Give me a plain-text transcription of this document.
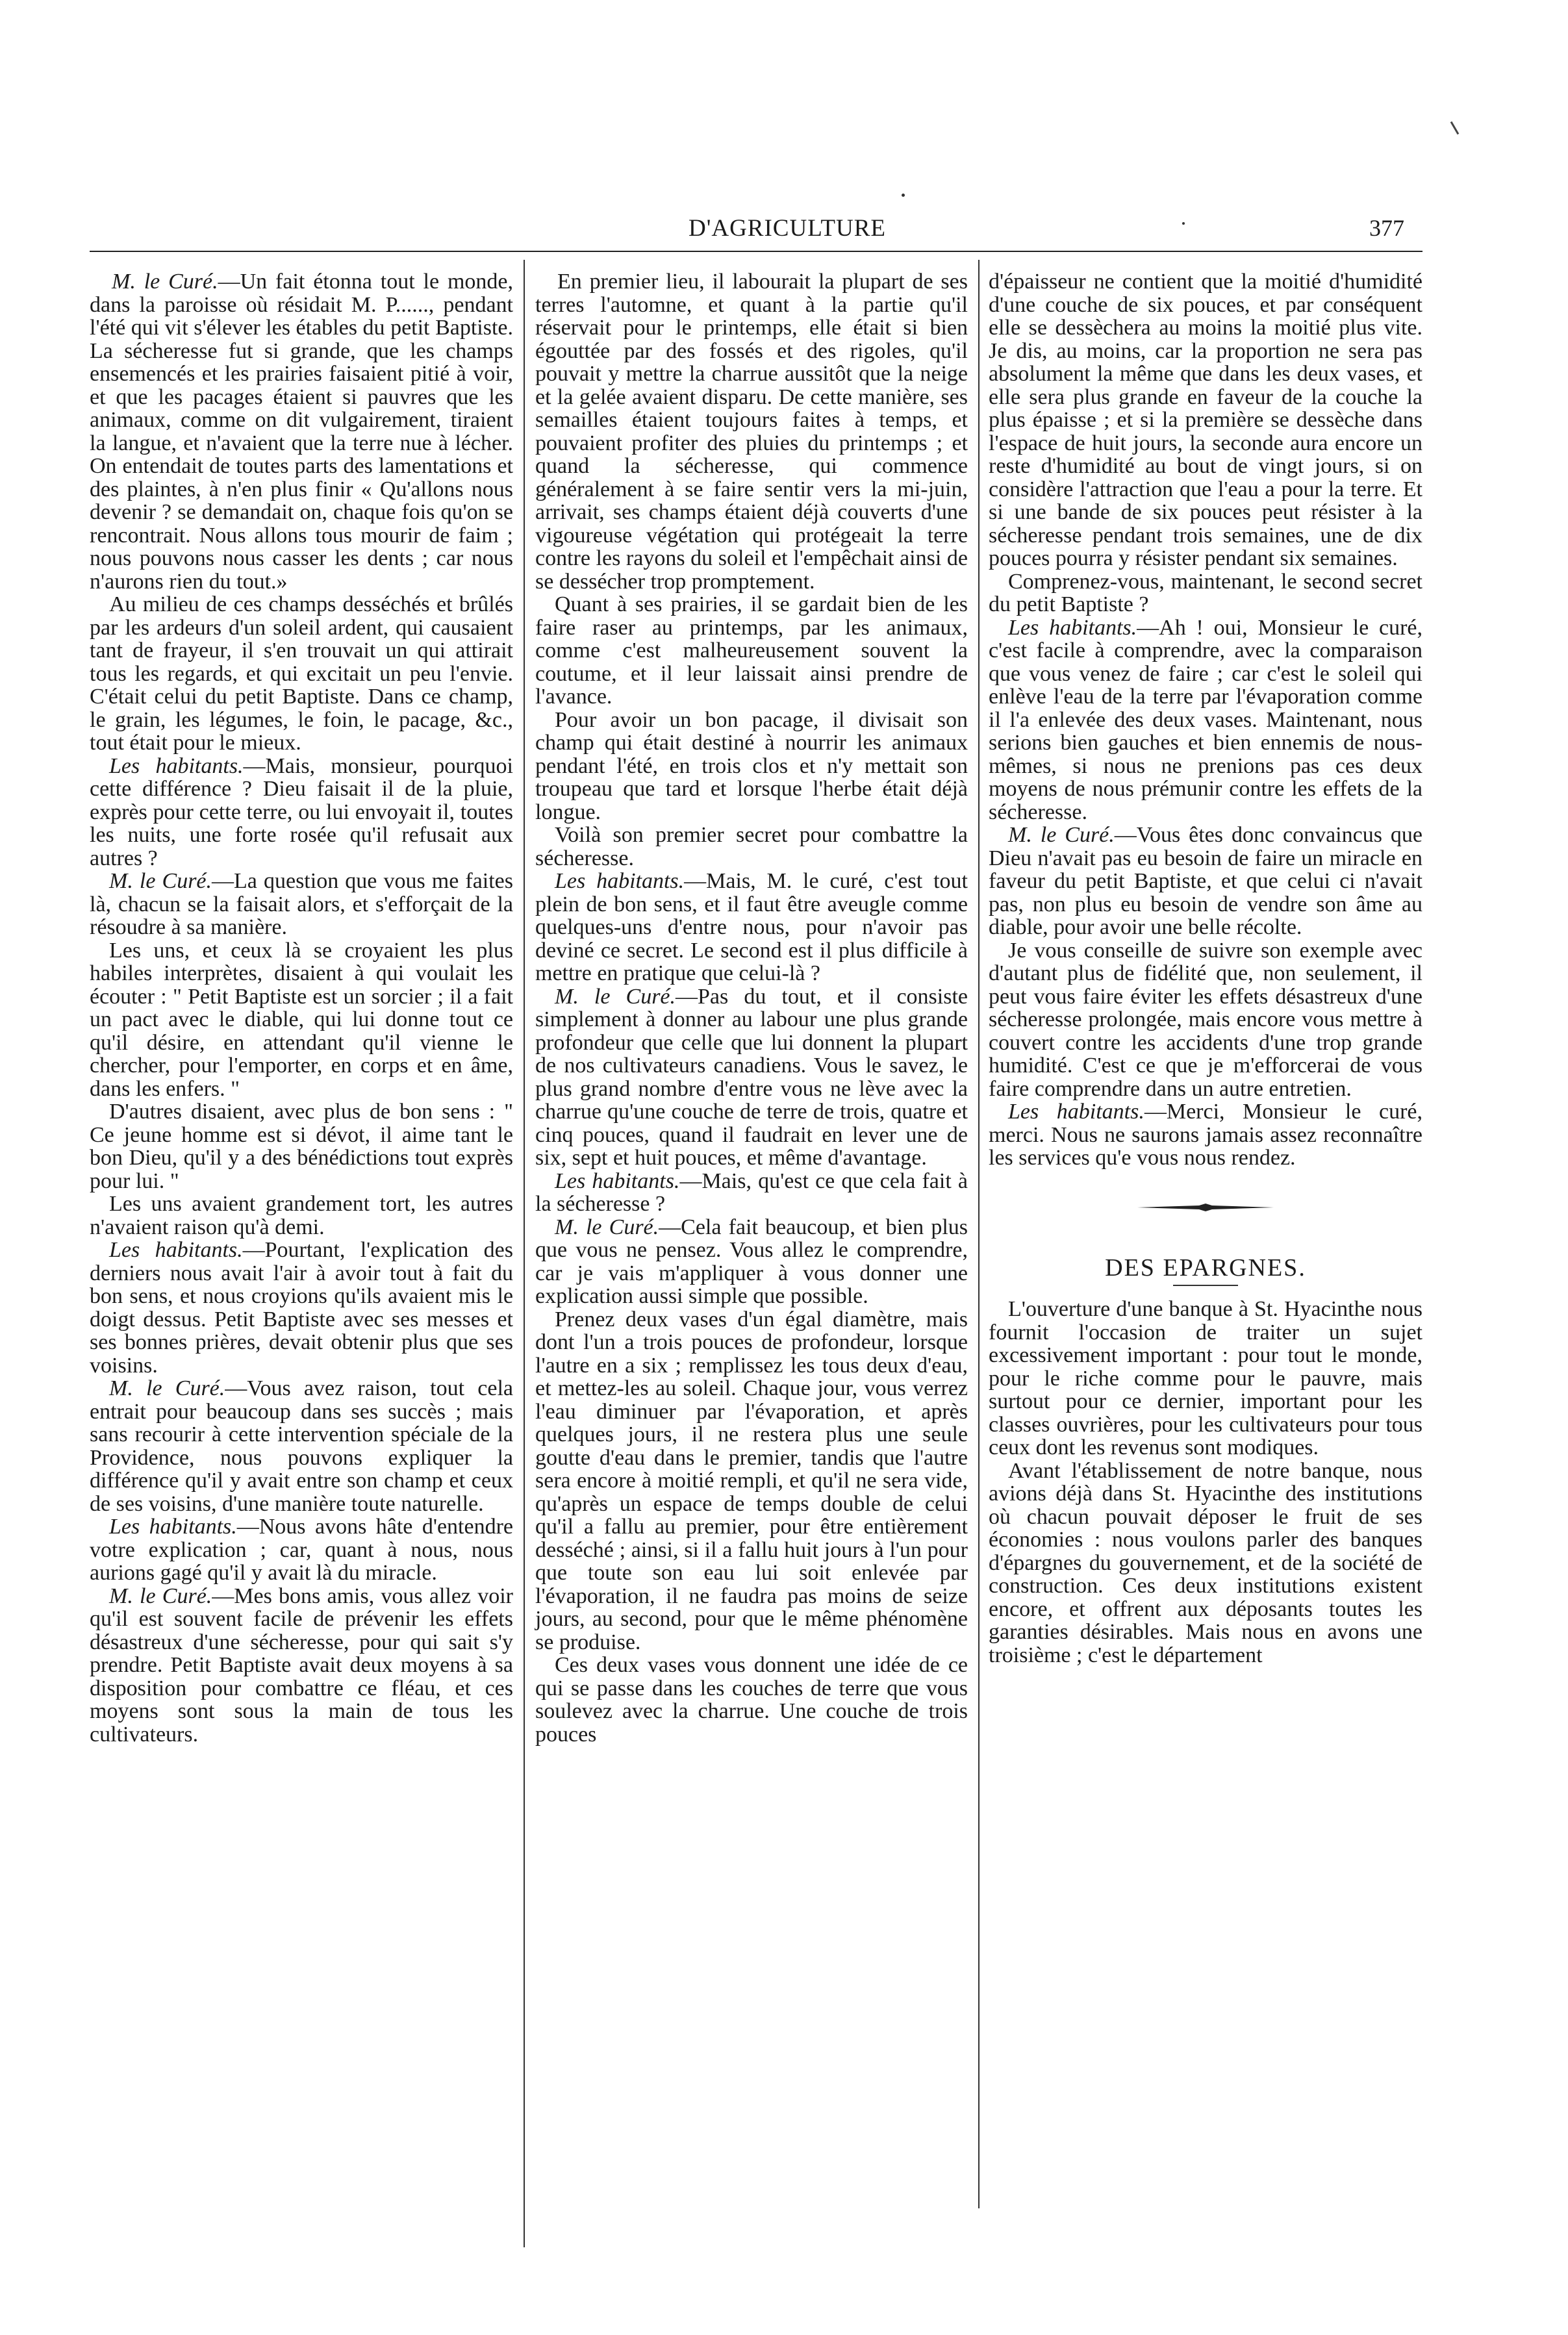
D'AGRICULTURE	377

M. le Curé.—Un fait étonna tout le monde, dans la paroisse où résidait M. P......, pendant l'été qui vit s'élever les étables du petit Baptiste. La sécheresse fut si grande, que les champs ensemencés et les prairies faisaient pitié à voir, et que les pacages étaient si pauvres que les animaux, comme on dit vulgairement, tiraient la langue, et n'avaient que la terre nue à lécher. On entendait de toutes parts des lamentations et des plaintes, à n'en plus finir « Qu'allons nous devenir ? se demandait on, chaque fois qu'on se rencontrait. Nous allons tous mourir de faim ; nous pouvons nous casser les dents ; car nous n'aurons rien du tout.»

Au milieu de ces champs desséchés et brûlés par les ardeurs d'un soleil ardent, qui causaient tant de frayeur, il s'en trouvait un qui attirait tous les regards, et qui excitait un peu l'envie. C'était celui du petit Baptiste. Dans ce champ, le grain, les légumes, le foin, le pacage, &c., tout était pour le mieux.

Les habitants.—Mais, monsieur, pourquoi cette différence ? Dieu faisait il de la pluie, exprès pour cette terre, ou lui envoyait il, toutes les nuits, une forte rosée qu'il refusait aux autres ?

M. le Curé.—La question que vous me faites là, chacun se la faisait alors, et s'efforçait de la résoudre à sa manière.

Les uns, et ceux là se croyaient les plus habiles interprètes, disaient à qui voulait les écouter : " Petit Baptiste est un sorcier ; il a fait un pact avec le diable, qui lui donne tout ce qu'il désire, en attendant qu'il vienne le chercher, pour l'emporter, en corps et en âme, dans les enfers. "

D'autres disaient, avec plus de bon sens : " Ce jeune homme est si dévot, il aime tant le bon Dieu, qu'il y a des bénédictions tout exprès pour lui. "

Les uns avaient grandement tort, les autres n'avaient raison qu'à demi.

Les habitants.—Pourtant, l'explication des derniers nous avait l'air à avoir tout à fait du bon sens, et nous croyions qu'ils avaient mis le doigt dessus. Petit Baptiste avec ses messes et ses bonnes prières, devait obtenir plus que ses voisins.

M. le Curé.—Vous avez raison, tout cela entrait pour beaucoup dans ses succès ; mais sans recourir à cette intervention spéciale de la Providence, nous pouvons expliquer la différence qu'il y avait entre son champ et ceux de ses voisins, d'une manière toute naturelle.

Les habitants.—Nous avons hâte d'entendre votre explication ; car, quant à nous, nous aurions gagé qu'il y avait là du miracle.

M. le Curé.—Mes bons amis, vous allez voir qu'il est souvent facile de prévenir les effets désastreux d'une sécheresse, pour qui sait s'y prendre. Petit Baptiste avait deux moyens à sa disposition pour combattre ce fléau, et ces moyens sont sous la main de tous les cultivateurs.

En premier lieu, il labourait la plupart de ses terres l'automne, et quant à la partie qu'il réservait pour le printemps, elle était si bien égouttée par des fossés et des rigoles, qu'il pouvait y mettre la charrue aussitôt que la neige et la gelée avaient disparu. De cette manière, ses semailles étaient toujours faites à temps, et pouvaient profiter des pluies du printemps ; et quand la sécheresse, qui commence généralement à se faire sentir vers la mi-juin, arrivait, ses champs étaient déjà couverts d'une vigoureuse végétation qui protégeait la terre contre les rayons du soleil et l'empêchait ainsi de se dessécher trop promptement.

Quant à ses prairies, il se gardait bien de les faire raser au printemps, par les animaux, comme c'est malheureusement souvent la coutume, et il leur laissait ainsi prendre de l'avance.

Pour avoir un bon pacage, il divisait son champ qui était destiné à nourrir les animaux pendant l'été, en trois clos et n'y mettait son troupeau que tard et lorsque l'herbe était déjà longue.

Voilà son premier secret pour combattre la sécheresse.

Les habitants.—Mais, M. le curé, c'est tout plein de bon sens, et il faut être aveugle comme quelques-uns d'entre nous, pour n'avoir pas deviné ce secret. Le second est il plus difficile à mettre en pratique que celui-là ?

M. le Curé.—Pas du tout, et il consiste simplement à donner au labour une plus grande profondeur que celle que lui donnent la plupart de nos cultivateurs canadiens. Vous le savez, le plus grand nombre d'entre vous ne lève avec la charrue qu'une couche de terre de trois, quatre et cinq pouces, quand il faudrait en lever une de six, sept et huit pouces, et même d'avantage.

Les habitants.—Mais, qu'est ce que cela fait à la sécheresse ?

M. le Curé.—Cela fait beaucoup, et bien plus que vous ne pensez. Vous allez le comprendre, car je vais m'appliquer à vous donner une explication aussi simple que possible.

Prenez deux vases d'un égal diamètre, mais dont l'un a trois pouces de profondeur, lorsque l'autre en a six ; remplissez les tous deux d'eau, et mettez-les au soleil. Chaque jour, vous verrez l'eau diminuer par l'évaporation, et après quelques jours, il ne restera plus une seule goutte d'eau dans le premier, tandis que l'autre sera encore à moitié rempli, et qu'il ne sera vide, qu'après un espace de temps double de celui qu'il a fallu au premier, pour être entièrement desséché ; ainsi, si il a fallu huit jours à l'un pour que toute son eau lui soit enlevée par l'évaporation, il ne faudra pas moins de seize jours, au second, pour que le même phénomène se produise.

Ces deux vases vous donnent une idée de ce qui se passe dans les couches de terre que vous soulevez avec la charrue. Une couche de trois pouces

d'épaisseur ne contient que la moitié d'humidité d'une couche de six pouces, et par conséquent elle se dessèchera au moins la moitié plus vite. Je dis, au moins, car la proportion ne sera pas absolument la même que dans les deux vases, et elle sera plus grande en faveur de la couche la plus épaisse ; et si la première se dessèche dans l'espace de huit jours, la seconde aura encore un reste d'humidité au bout de vingt jours, si on considère l'attraction que l'eau a pour la terre. Et si une bande de six pouces peut résister à la sécheresse pendant trois semaines, une de dix pouces pourra y résister pendant six semaines.

Comprenez-vous, maintenant, le second secret du petit Baptiste ?

Les habitants.—Ah ! oui, Monsieur le curé, c'est facile à comprendre, avec la comparaison que vous venez de faire ; car c'est le soleil qui enlève l'eau de la terre par l'évaporation comme il l'a enlevée des deux vases. Maintenant, nous serions bien gauches et bien ennemis de nous-mêmes, si nous ne prenions pas ces deux moyens de nous prémunir contre les effets de la sécheresse.

M. le Curé.—Vous êtes donc convaincus que Dieu n'avait pas eu besoin de faire un miracle en faveur du petit Baptiste, et que celui ci n'avait pas, non plus eu besoin de vendre son âme au diable, pour avoir une belle récolte.

Je vous conseille de suivre son exemple avec d'autant plus de fidélité que, non seulement, il peut vous faire éviter les effets désastreux d'une sécheresse prolongée, mais encore vous mettre à couvert contre les accidents d'une trop grande humidité. C'est ce que je m'efforcerai de vous faire comprendre dans un autre entretien.

Les habitants.—Merci, Monsieur le curé, merci. Nous ne saurons jamais assez reconnaître les services qu'e vous nous rendez.

DES EPARGNES.

L'ouverture d'une banque à St. Hyacinthe nous fournit l'occasion de traiter un sujet excessivement important : pour tout le monde, pour le riche comme pour le pauvre, mais surtout pour ce dernier, important pour les classes ouvrières, pour les cultivateurs pour tous ceux dont les revenus sont modiques.

Avant l'établissement de notre banque, nous avions déjà dans St. Hyacinthe des institutions où chacun pouvait déposer le fruit de ses économies : nous voulons parler des banques d'épargnes du gouvernement, et de la société de construction. Ces deux institutions existent encore, et offrent aux déposants toutes les garanties désirables. Mais nous en avons une troisième ; c'est le département
